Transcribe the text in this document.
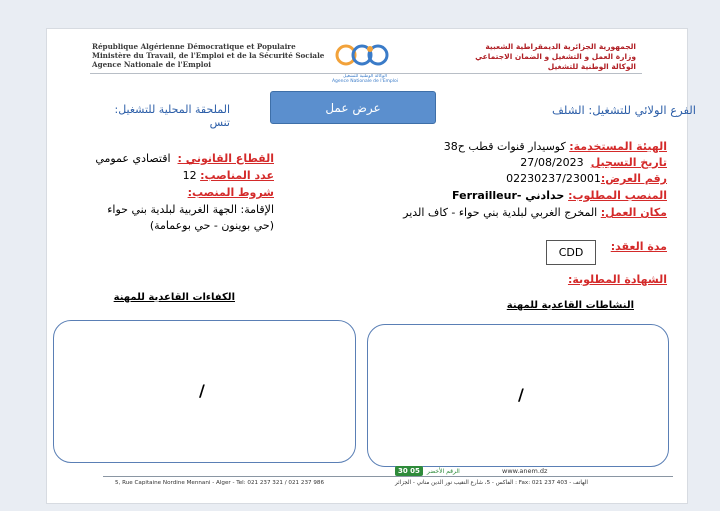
République Algérienne Démocratique et Populaire
Ministère du Travail, de l'Emploi et de la Sécurité Sociale
Agence Nationale de l'Emploi
الوكالة الوطنية للتشغيل
Agence Nationale de l'Emploi
الجمهورية الجزائرية الديمقراطية الشعبية
وزارة العمل و التشغيل و الضمان الاجتماعي
الوكالة الوطنية للتشغيل
عرض عمل	الفرع الولائي للتشغيل: الشلف
الملحقة المحلية للتشغيل: تنس
الهيئة المستخدمة: كوسيدار قنوات قطب ح38
تاريخ التسجيل  27/08/2023
رقم العرض:02230237/23001
المنصب المطلوب: حدادني -Ferrailleur
مكان العمل: المخرج الغربي لبلدية بني حواء - كاف الدير
مدة العقد:
CDD
الشهادة المطلوبة:
القطاع القانوني :  اقتصادي عمومي
عدد المناصب: 12
شروط المنصب:
الإقامة: الجهة الغربية لبلدية بني حواء
(حي بوينون - حي بوعمامة)
الكفاءات القاعدية للمهنة
النشاطات القاعدية للمهنة
/	/
30 05	الرقم الأخضر	www.anem.dz
5, Rue Capitaine Nordine Mennani - Alger - Tel: 021 237 321 / 021 237 986	الهاتف - Fax: 021 237 403 : الفاكس - 5، شارع النقيب نور الدين مناني - الجزائر
